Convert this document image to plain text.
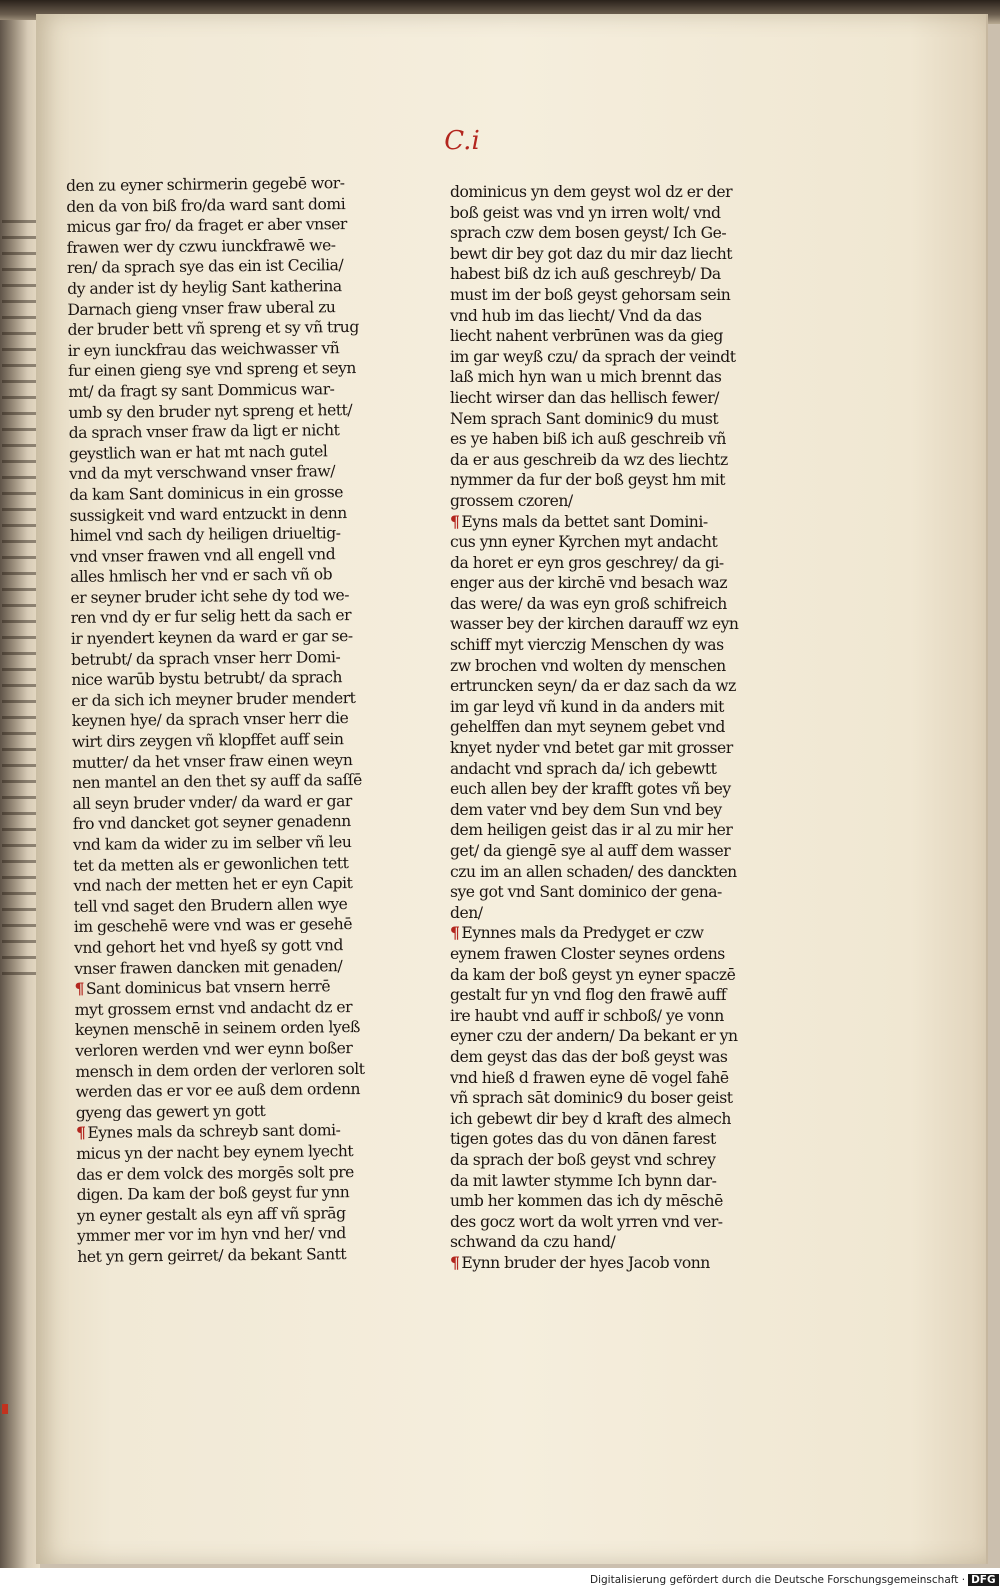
C.i
den zu eyner schirmerin gegebē wor-
den da von biß fro/da ward sant domi
micus gar fro/ da fraget er aber vnser
frawen wer dy czwu iunckfrawē we-
ren/ da sprach sye das ein ist Cecilia/
dy ander ist dy heylig Sant katherina
Darnach gieng vnser fraw uberal zu
der bruder bett vñ spreng et sy vñ trug
ir eyn iunckfrau das weichwasser vñ
fur einen gieng sye vnd spreng et seyn
mt/ da fragt sy sant Dommicus war-
umb sy den bruder nyt spreng et hett/
da sprach vnser fraw da ligt er nicht
geystlich wan er hat mt nach gutel
vnd da myt verschwand vnser fraw/
da kam Sant dominicus in ein grosse
sussigkeit vnd ward entzuckt in denn
himel vnd sach dy heiligen driueltig-
vnd vnser frawen vnd all engell vnd
alles hmlisch her vnd er sach vñ ob
er seyner bruder icht sehe dy tod we-
ren vnd dy er fur selig hett da sach er
ir nyendert keynen da ward er gar se-
betrubt/ da sprach vnser herr Domi-
nice warūb bystu betrubt/ da sprach
er da sich ich meyner bruder mendert
keynen hye/ da sprach vnser herr die
wirt dirs zeygen vñ klopffet auff sein
mutter/ da het vnser fraw einen weyn
nen mantel an den thet sy auff da saſſē
all seyn bruder vnder/ da ward er gar
fro vnd dancket got seyner genadenn
vnd kam da wider zu im selber vñ leu
tet da metten als er gewonlichen tett
vnd nach der metten het er eyn Capit
tell vnd saget den Brudern allen wye
im geschehē were vnd was er gesehē
vnd gehort het vnd hyeß sy gott vnd
vnser frawen dancken mit genaden/
¶ Sant dominicus bat vnsern herrē
myt grossem ernst vnd andacht dz er
keynen menschē in seinem orden lyeß
verloren werden vnd wer eynn boßer
mensch in dem orden der verloren solt
werden das er vor ee auß dem ordenn
gyeng das gewert yn gott
¶ Eynes mals da schreyb sant domi-
micus yn der nacht bey eynem lyecht
das er dem volck des morgēs solt pre
digen. Da kam der boß geyst fur ynn
yn eyner gestalt als eyn aff vñ sprāg
ymmer mer vor im hyn vnd her/ vnd
het yn gern geirret/ da bekant Santt
dominicus yn dem geyst wol dz er der
boß geist was vnd yn irren wolt/ vnd
sprach czw dem bosen geyst/ Ich Ge-
bewt dir bey got daz du mir daz liecht
habest biß dz ich auß geschreyb/ Da
must im der boß geyst gehorsam sein
vnd hub im das liecht/ Vnd da das
liecht nahent verbrūnen was da gieg
im gar weyß czu/ da sprach der veindt
laß mich hyn wan u mich brennt das
liecht wirser dan das hellisch fewer/
Nem sprach Sant dominic9 du must
es ye haben biß ich auß geschreib vñ
da er aus geschreib da wz des liechtz
nymmer da fur der boß geyst hm mit
grossem czoren/
¶ Eyns mals da bettet sant Domini-
cus ynn eyner Kyrchen myt andacht
da horet er eyn gros geschrey/ da gi-
enger aus der kirchē vnd besach waz
das were/ da was eyn groß schifreich
wasser bey der kirchen darauff wz eyn
schiff myt vierczig Menschen dy was
zw brochen vnd wolten dy menschen
ertruncken seyn/ da er daz sach da wz
im gar leyd vñ kund in da anders mit
gehelffen dan myt seynem gebet vnd
knyet nyder vnd betet gar mit grosser
andacht vnd sprach da/ ich gebewtt
euch allen bey der krafft gotes vñ bey
dem vater vnd bey dem Sun vnd bey
dem heiligen geist das ir al zu mir her
get/ da giengē sye al auff dem wasser
czu im an allen schaden/ des danckten
sye got vnd Sant dominico der gena-
den/
¶ Eynnes mals da Predyget er czw
eynem frawen Closter seynes ordens
da kam der boß geyst yn eyner spaczē
gestalt fur yn vnd flog den frawē auff
ire haubt vnd auff ir schboß/ ye vonn
eyner czu der andern/ Da bekant er yn
dem geyst das das der boß geyst was
vnd hieß d frawen eyne dē vogel fahē
vñ sprach sāt dominic9 du boser geist
ich gebewt dir bey d kraft des almech
tigen gotes das du von dānen farest
da sprach der boß geyst vnd schrey
da mit lawter stymme Ich bynn dar-
umb her kommen das ich dy mēschē
des gocz wort da wolt yrren vnd ver-
schwand da czu hand/
¶ Eynn bruder der hyes Jacob vonn
Digitalisierung gefördert durch die Deutsche Forschungsgemeinschaft · DFG
